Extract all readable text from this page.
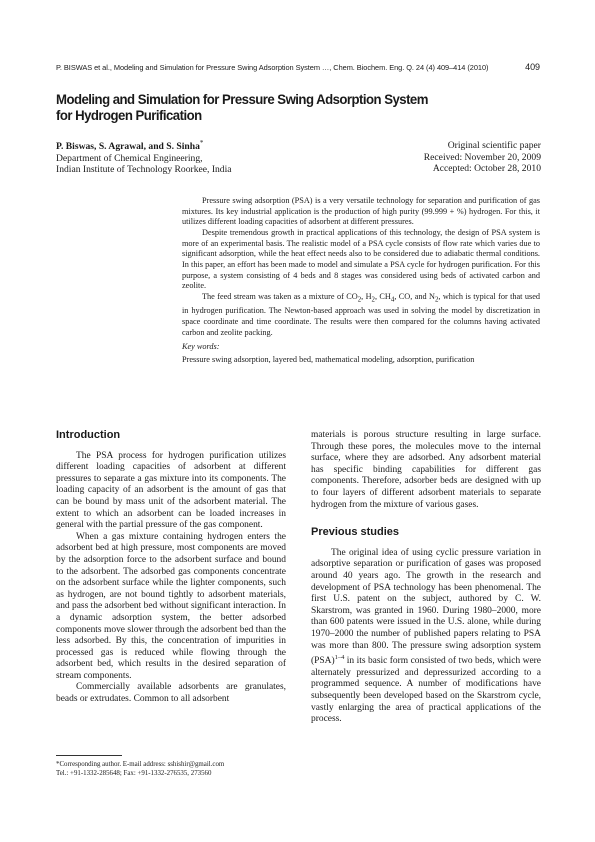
P. BISWAS et al., Modeling and Simulation for Pressure Swing Adsorption System …, Chem. Biochem. Eng. Q. 24 (4) 409–414 (2010)	409
Modeling and Simulation for Pressure Swing Adsorption System
for Hydrogen Purification
P. Biswas, S. Agrawal, and S. Sinha*
Department of Chemical Engineering,
Indian Institute of Technology Roorkee, India
Original scientific paper
Received: November 20, 2009
Accepted: October 28, 2010

Pressure swing adsorption (PSA) is a very versatile technology for separation and purification of gas mixtures. Its key industrial application is the production of high purity (99.999 + %) hydrogen. For this, it utilizes different loading capacities of adsorbent at different pressures.

Despite tremendous growth in practical applications of this technology, the design of PSA system is more of an experimental basis. The realistic model of a PSA cycle consists of flow rate which varies due to significant adsorption, while the heat effect needs also to be considered due to adiabatic thermal conditions. In this paper, an effort has been made to model and simulate a PSA cycle for hydrogen purification. For this purpose, a system consisting of 4 beds and 8 stages was considered using beds of activated carbon and zeolite.

The feed stream was taken as a mixture of $CO_2$, $H_2$, $CH_4$, CO, and $N_2$, which is typical for that used in hydrogen purification. The Newton-based approach was used in solving the model by discretization in space coordinate and time coordinate. The results were then compared for the columns having activated carbon and zeolite packing.

Key words:
Pressure swing adsorption, layered bed, mathematical modeling, adsorption, purification
Introduction

The PSA process for hydrogen purification utilizes different loading capacities of adsorbent at different pressures to separate a gas mixture into its components. The loading capacity of an adsorbent is the amount of gas that can be bound by mass unit of the adsorbent material. The extent to which an adsorbent can be loaded increases in general with the partial pressure of the gas component.

When a gas mixture containing hydrogen enters the adsorbent bed at high pressure, most components are moved by the adsorption force to the adsorbent surface and bound to the adsorbent. The adsorbed gas components concentrate on the adsorbent surface while the lighter components, such as hydrogen, are not bound tightly to adsorbent materials, and pass the adsorbent bed without significant interaction. In a dynamic adsorption system, the better adsorbed components move slower through the adsorbent bed than the less adsorbed. By this, the concentration of impurities in processed gas is reduced while flowing through the adsorbent bed, which results in the desired separation of stream components.

Commercially available adsorbents are granulates, beads or extrudates. Common to all adsorbent

materials is porous structure resulting in large surface. Through these pores, the molecules move to the internal surface, where they are adsorbed. Any adsorbent material has specific binding capabilities for different gas components. Therefore, adsorber beds are designed with up to four layers of different adsorbent materials to separate hydrogen from the mixture of various gases.

Previous studies

The original idea of using cyclic pressure variation in adsorptive separation or purification of gases was proposed around 40 years ago. The growth in the research and development of PSA technology has been phenomenal. The first U.S. patent on the subject, authored by C. W. Skarstrom, was granted in 1960. During 1980–2000, more than 600 patents were issued in the U.S. alone, while during 1970–2000 the number of published papers relating to PSA was more than 800. The pressure swing adsorption system (PSA)$^{1-4}$ in its basic form consisted of two beds, which were alternately pressurized and depressurized according to a programmed sequence. A number of modifications have subsequently been developed based on the Skarstrom cycle, vastly enlarging the area of practical applications of the process.

*Corresponding author. E-mail address: sshishir@gmail.com
Tel.: +91-1332-285648; Fax: +91-1332-276535, 273560
